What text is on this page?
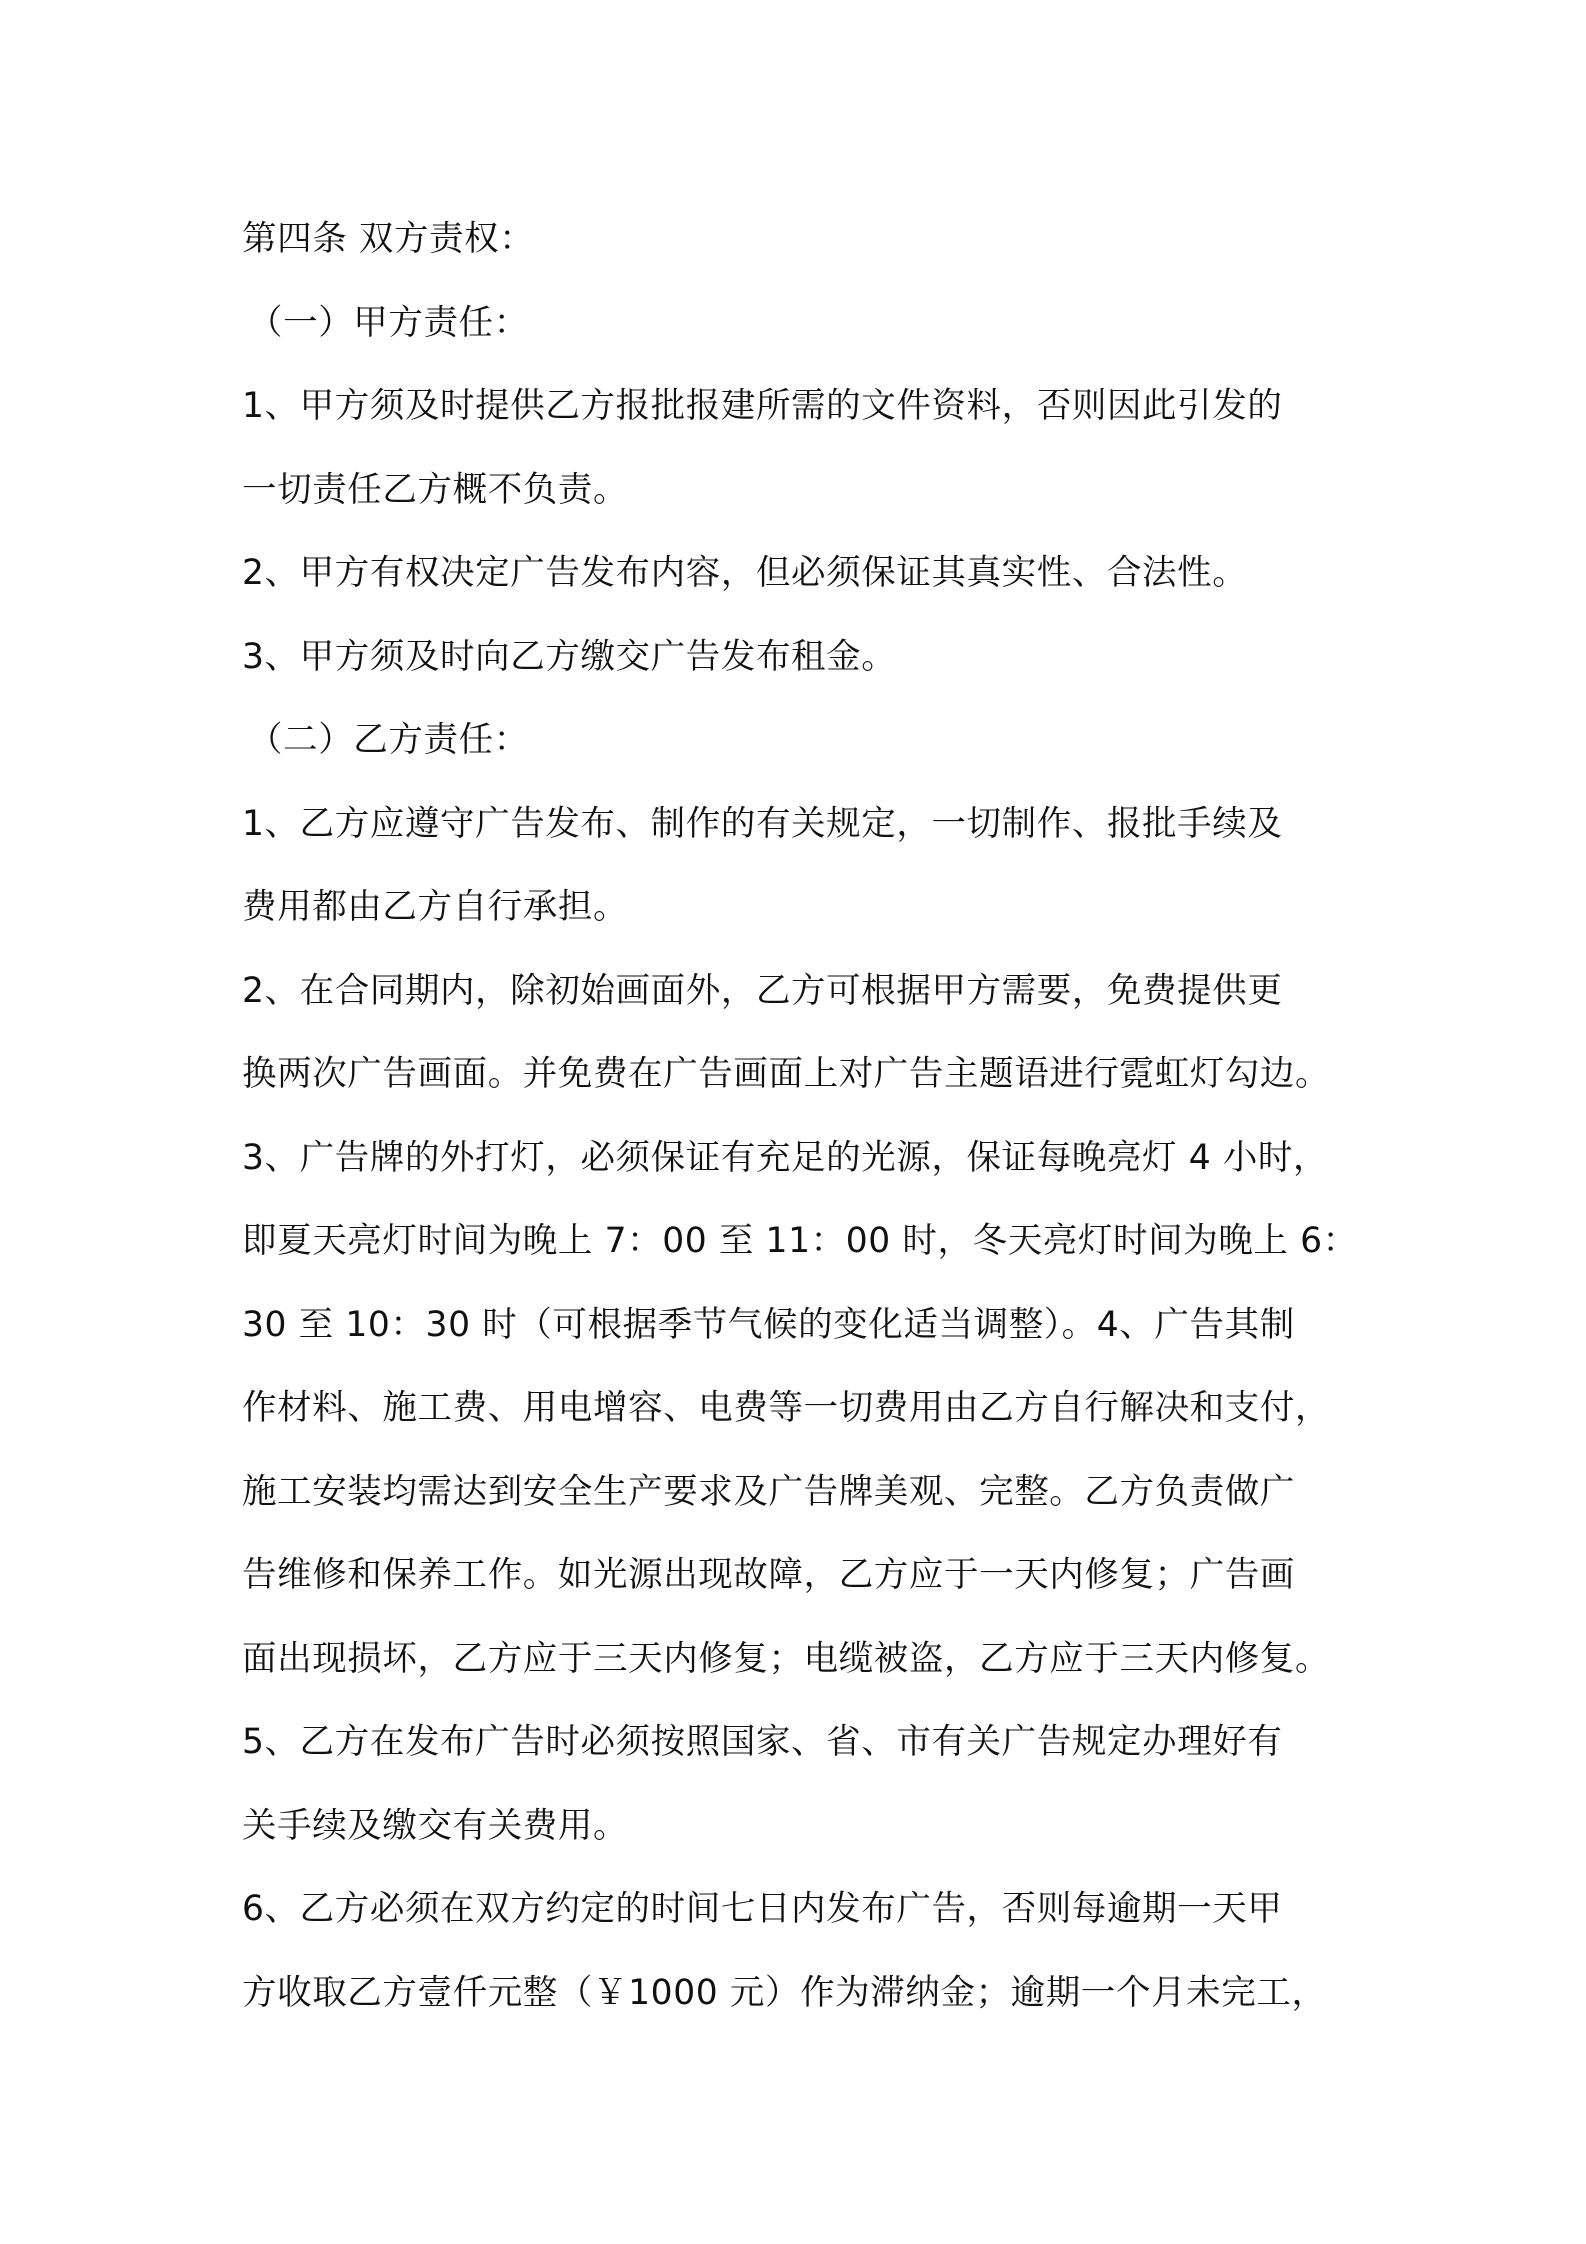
第四条 双方责权：
（一）甲方责任：
1、甲方须及时提供乙方报批报建所需的文件资料，否则因此引发的
一切责任乙方概不负责。
2、甲方有权决定广告发布内容，但必须保证其真实性、合法性。
3、甲方须及时向乙方缴交广告发布租金。
（二）乙方责任：
1、乙方应遵守广告发布、制作的有关规定，一切制作、报批手续及
费用都由乙方自行承担。
2、在合同期内，除初始画面外，乙方可根据甲方需要，免费提供更
换两次广告画面。并免费在广告画面上对广告主题语进行霓虹灯勾边。
3、广告牌的外打灯，必须保证有充足的光源，保证每晚亮灯 4 小时，
即夏天亮灯时间为晚上 7：00 至 11：00 时，冬天亮灯时间为晚上 6：
30 至 10：30 时（可根据季节气候的变化适当调整）。4、广告其制
作材料、施工费、用电增容、电费等一切费用由乙方自行解决和支付，
施工安装均需达到安全生产要求及广告牌美观、完整。乙方负责做广
告维修和保养工作。如光源出现故障，乙方应于一天内修复；广告画
面出现损坏，乙方应于三天内修复；电缆被盗，乙方应于三天内修复。
5、乙方在发布广告时必须按照国家、省、市有关广告规定办理好有
关手续及缴交有关费用。
6、乙方必须在双方约定的时间七日内发布广告，否则每逾期一天甲
方收取乙方壹仟元整（￥1000 元）作为滞纳金；逾期一个月未完工，
